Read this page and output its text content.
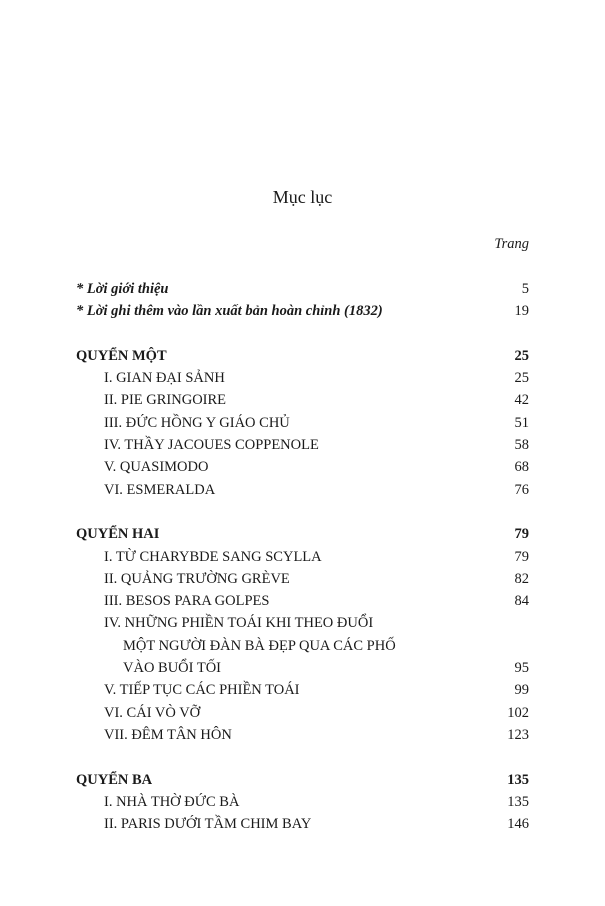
Mục lục
Trang
* Lời giới thiệu	5
* Lời ghi thêm vào lần xuất bản hoàn chỉnh (1832)	19
QUYỂN MỘT	25
I. GIAN ĐẠI SẢNH	25
II. PIE GRINGOIRE	42
III. ĐỨC HỒNG Y GIÁO CHỦ	51
IV. THẦY JACOUES COPPENOLE	58
V. QUASIMODO	68
VI. ESMERALDA	76
QUYỂN HAI	79
I. TỪ CHARYBDE SANG SCYLLA	79
II. QUẢNG TRƯỜNG GRÈVE	82
III. BESOS PARA GOLPES	84
IV. NHỮNG PHIỀN TOÁI KHI THEO ĐUỔI
MỘT NGƯỜI ĐÀN BÀ ĐẸP QUA CÁC PHỐ
VÀO BUỔI TỐI	95
V. TIẾP TỤC CÁC PHIỀN TOÁI	99
VI. CÁI VÒ VỠ	102
VII. ĐÊM TÂN HÔN	123
QUYỂN BA	135
I. NHÀ THỜ ĐỨC BÀ	135
II. PARIS DƯỚI TẦM CHIM BAY	146
